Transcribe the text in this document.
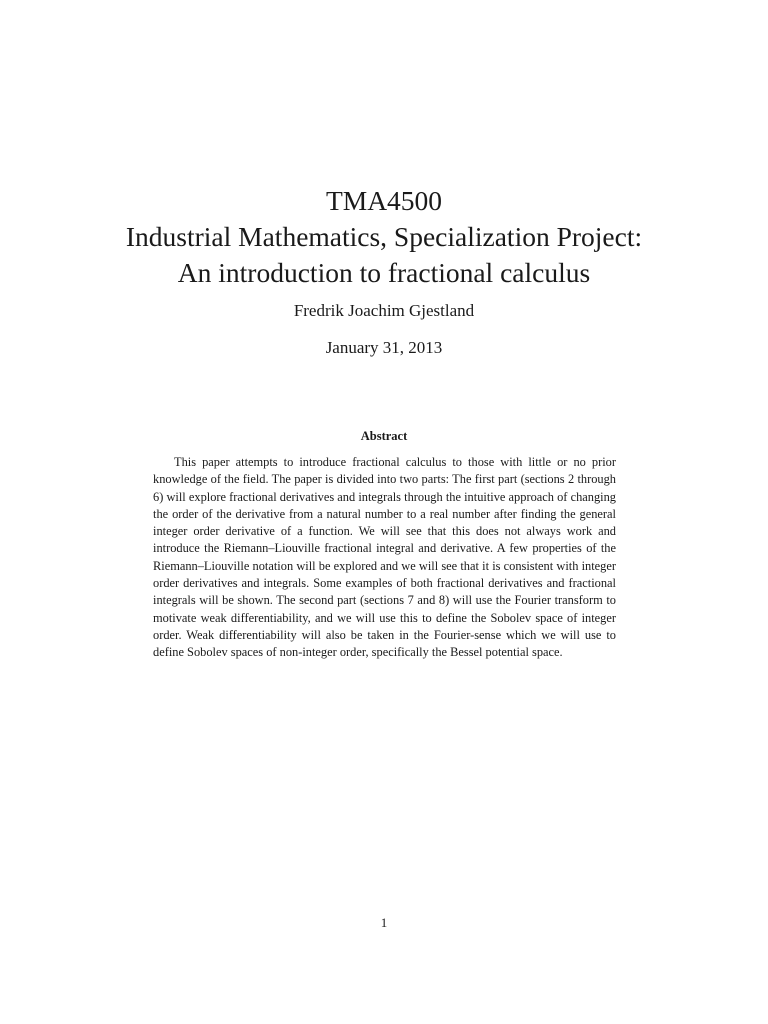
TMA4500
Industrial Mathematics, Specialization Project:
An introduction to fractional calculus
Fredrik Joachim Gjestland
January 31, 2013
Abstract
This paper attempts to introduce fractional calculus to those with little or no prior knowledge of the field. The paper is divided into two parts: The first part (sections 2 through 6) will explore fractional derivatives and integrals through the intuitive approach of changing the order of the derivative from a natural number to a real number after finding the general integer order derivative of a function. We will see that this does not always work and introduce the Riemann–Liouville fractional integral and derivative. A few properties of the Riemann–Liouville notation will be explored and we will see that it is consistent with integer order derivatives and integrals. Some examples of both fractional derivatives and fractional integrals will be shown. The second part (sections 7 and 8) will use the Fourier transform to motivate weak differentiability, and we will use this to define the Sobolev space of integer order. Weak differentiability will also be taken in the Fourier-sense which we will use to define Sobolev spaces of non-integer order, specifically the Bessel potential space.
1
